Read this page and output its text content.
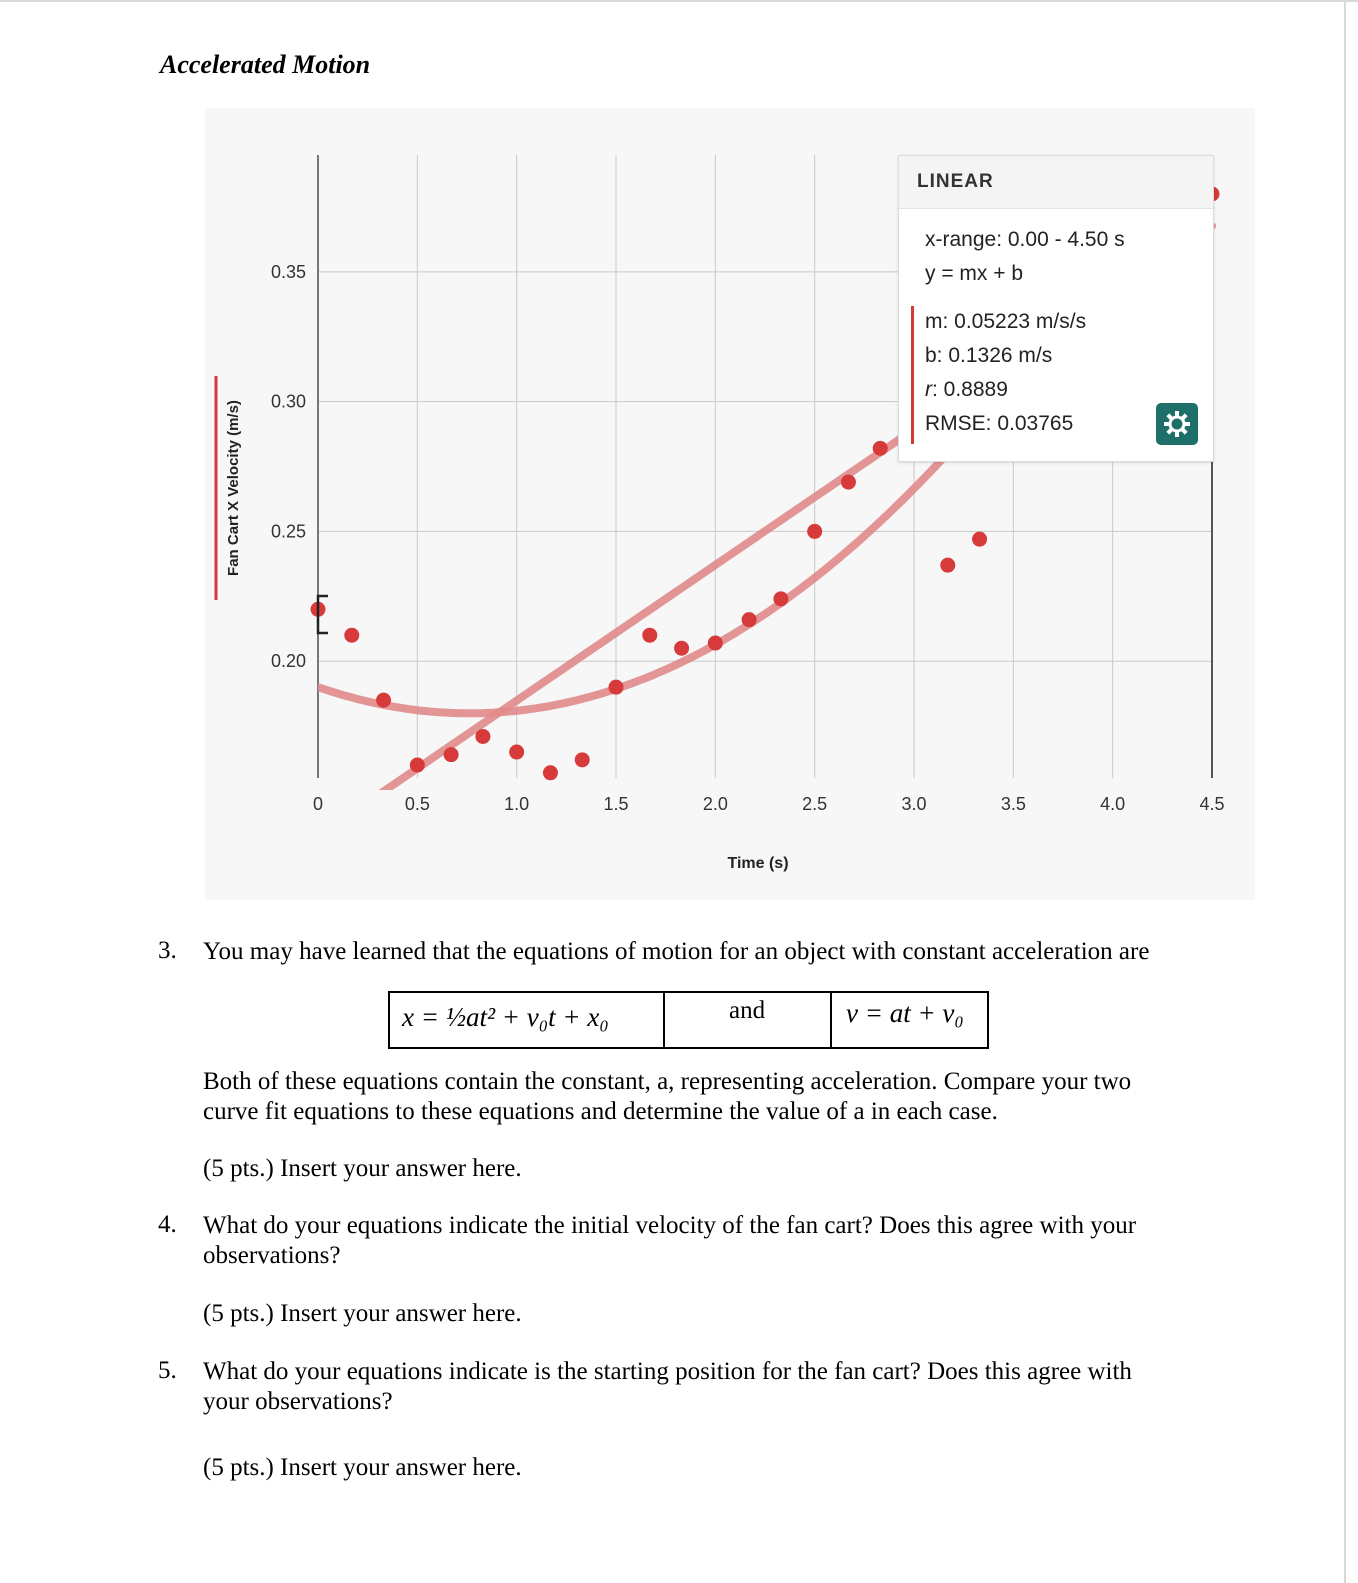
Accelerated Motion
0	0.5	1.0	1.5	2.0	2.5	3.0	3.5	4.0	4.5
0.20
0.25
0.30
0.35
Time (s)
Fan Cart X Velocity (m/s)
LINEAR
x-range: 0.00 - 4.50 s
y = mx + b
m: 0.05223 m/s/s
b: 0.1326 m/s
r: 0.8889
RMSE: 0.03765
3. You may have learned that the equations of motion for an object with constant acceleration are
x = ½at² + v₀t + x₀	and	v = at + v₀
Both of these equations contain the constant, a, representing acceleration. Compare your two
curve fit equations to these equations and determine the value of a in each case.
(5 pts.) Insert your answer here.
4. What do your equations indicate the initial velocity of the fan cart? Does this agree with your
observations?
(5 pts.) Insert your answer here.
5. What do your equations indicate is the starting position for the fan cart? Does this agree with
your observations?
(5 pts.) Insert your answer here.
